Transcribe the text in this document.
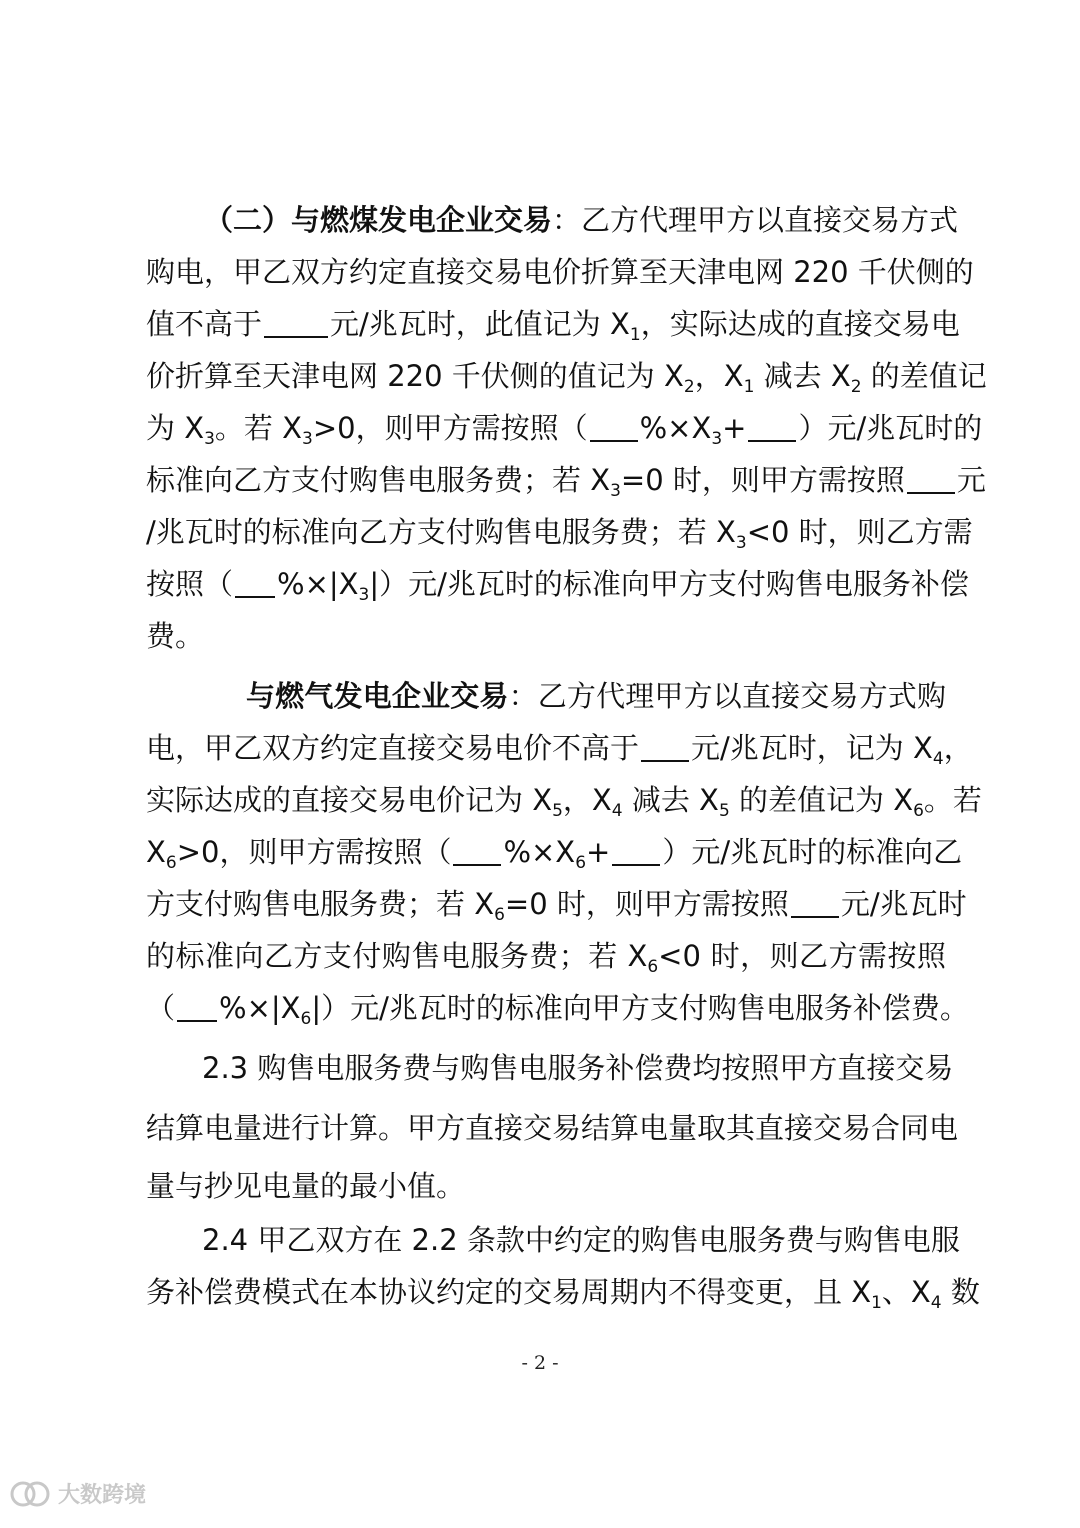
（二）与燃煤发电企业交易：乙方代理甲方以直接交易方式
购电，甲乙双方约定直接交易电价折算至天津电网 220 千伏侧的
值不高于 元/兆瓦时，此值记为 $X_1$，实际达成的直接交易电
价折算至天津电网 220 千伏侧的值记为 $X_2$，$X_1$ 减去 $X_2$ 的差值记
为 $X_3$。若 $X_3>0$，则甲方需按照（ $\%\times X_3+$ ）元/兆瓦时的
标准向乙方支付购售电服务费；若 $X_3=0$ 时，则甲方需按照 元
/兆瓦时的标准向乙方支付购售电服务费；若 $X_3<0$ 时，则乙方需
按照（ $\%\times|X_3|$）元/兆瓦时的标准向甲方支付购售电服务补偿
费。
与燃气发电企业交易：乙方代理甲方以直接交易方式购
电，甲乙双方约定直接交易电价不高于 元/兆瓦时，记为 $X_4$，
实际达成的直接交易电价记为 $X_5$，$X_4$ 减去 $X_5$ 的差值记为 $X_6$。若
$X_6>0$，则甲方需按照（ $\%\times X_6+$ ）元/兆瓦时的标准向乙
方支付购售电服务费；若 $X_6=0$ 时，则甲方需按照 元/兆瓦时
的标准向乙方支付购售电服务费；若 $X_6<0$ 时，则乙方需按照
（ $\%\times|X_6|$）元/兆瓦时的标准向甲方支付购售电服务补偿费。
2.3 购售电服务费与购售电服务补偿费均按照甲方直接交易
结算电量进行计算。甲方直接交易结算电量取其直接交易合同电
量与抄见电量的最小值。
2.4 甲乙双方在 2.2 条款中约定的购售电服务费与购售电服
务补偿费模式在本协议约定的交易周期内不得变更，且 $X_1$、$X_4$ 数
- 2 -
大数跨境
